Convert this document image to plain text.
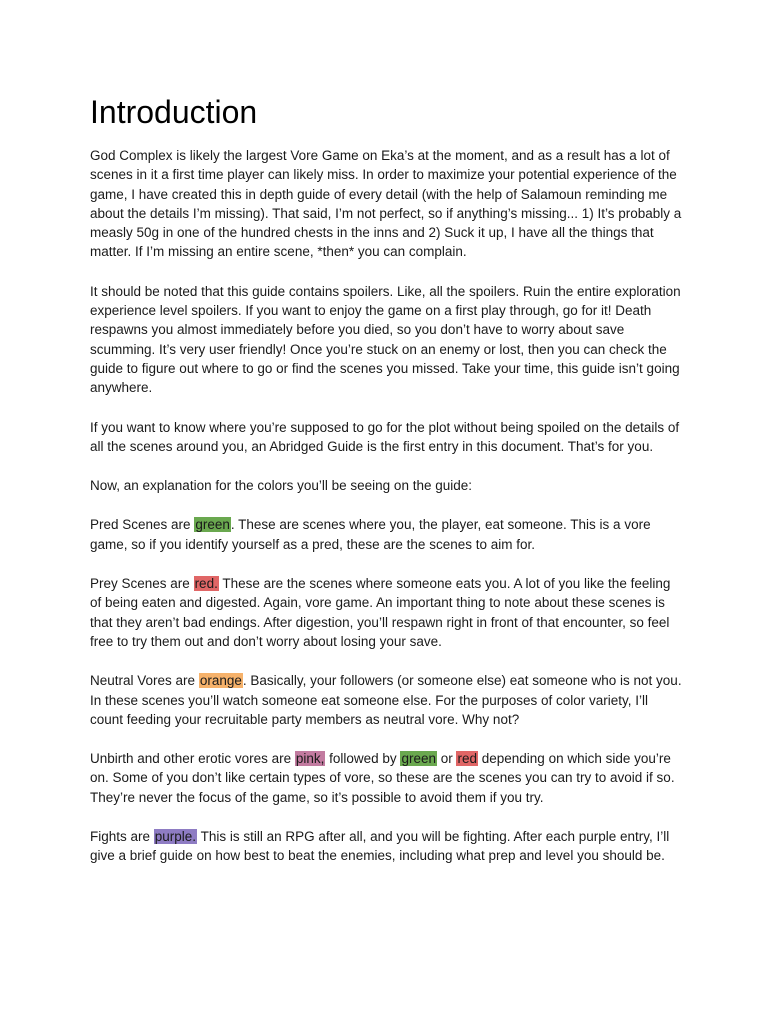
Introduction

God Complex is likely the largest Vore Game on Eka’s at the moment, and as a result has a lot of scenes in it a first time player can likely miss. In order to maximize your potential experience of the game, I have created this in depth guide of every detail (with the help of Salamoun reminding me about the details I’m missing). That said, I’m not perfect, so if anything’s missing... 1) It’s probably a measly 50g in one of the hundred chests in the inns and 2) Suck it up, I have all the things that matter. If I’m missing an entire scene, *then* you can complain.

It should be noted that this guide contains spoilers. Like, all the spoilers. Ruin the entire exploration experience level spoilers. If you want to enjoy the game on a first play through, go for it! Death respawns you almost immediately before you died, so you don’t have to worry about save scumming. It’s very user friendly! Once you’re stuck on an enemy or lost, then you can check the guide to figure out where to go or find the scenes you missed. Take your time, this guide isn’t going anywhere.

If you want to know where you’re supposed to go for the plot without being spoiled on the details of all the scenes around you, an Abridged Guide is the first entry in this document. That’s for you.

Now, an explanation for the colors you’ll be seeing on the guide:

Pred Scenes are green. These are scenes where you, the player, eat someone. This is a vore game, so if you identify yourself as a pred, these are the scenes to aim for.

Prey Scenes are red. These are the scenes where someone eats you. A lot of you like the feeling of being eaten and digested. Again, vore game. An important thing to note about these scenes is that they aren’t bad endings. After digestion, you’ll respawn right in front of that encounter, so feel free to try them out and don’t worry about losing your save.

Neutral Vores are orange. Basically, your followers (or someone else) eat someone who is not you. In these scenes you’ll watch someone eat someone else. For the purposes of color variety, I’ll count feeding your recruitable party members as neutral vore. Why not?

Unbirth and other erotic vores are pink, followed by green or red depending on which side you’re on. Some of you don’t like certain types of vore, so these are the scenes you can try to avoid if so. They’re never the focus of the game, so it’s possible to avoid them if you try.

Fights are purple. This is still an RPG after all, and you will be fighting. After each purple entry, I’ll give a brief guide on how best to beat the enemies, including what prep and level you should be.
